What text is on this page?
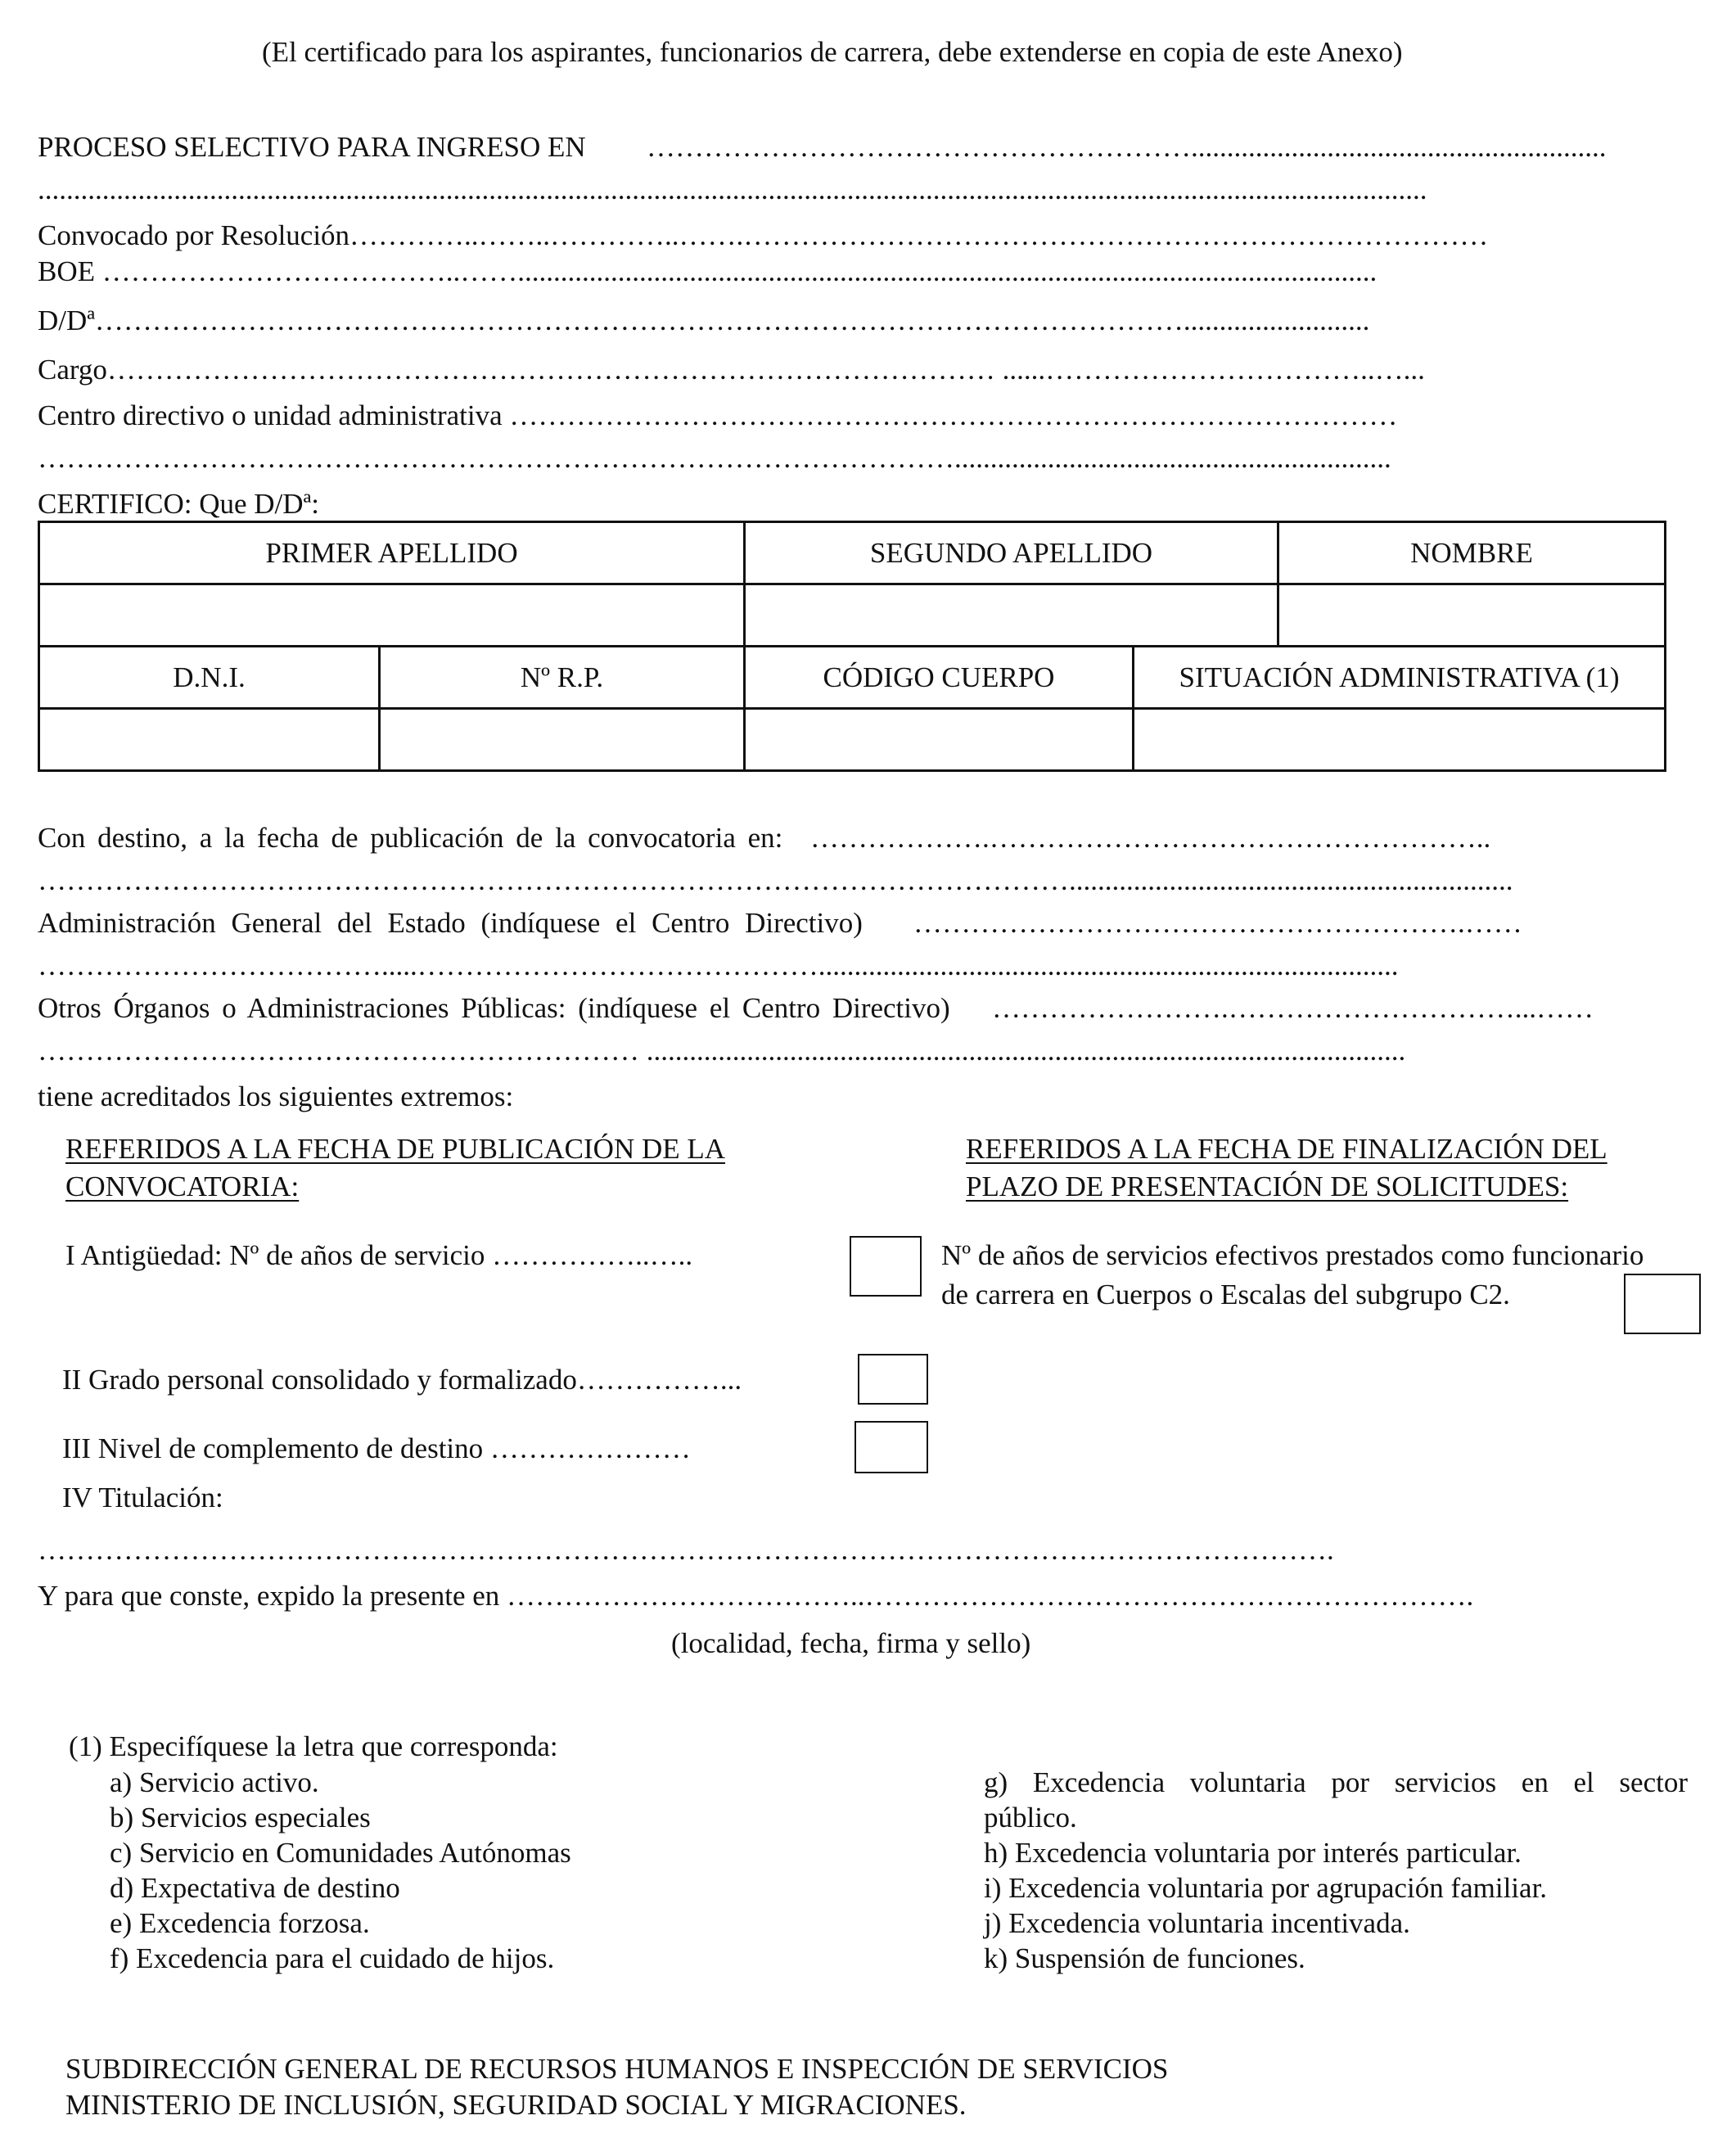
(El certificado para los aspirantes, funcionarios de carrera, debe extenderse en copia de este Anexo)
PROCESO SELECTIVO PARA INGRESO EN …………………………………………………..........................................................
..................................................................................................................................................................................................
Convocado por Resolución…………..……..…………..…….……………………………………………………………………
BOE ………………………………..……........................................................................................................................
D/Dª……………………………………………………………………………………………………..........................
Cargo………………………………………………………………………………… ......……………………………..…...
Centro directivo o unidad administrativa …………………………………………………………………………………
…………………………………………………………………………………….............................................................
CERTIFICO: Que D/Dª:
PRIMER APELLIDO	SEGUNDO APELLIDO	NOMBRE

D.N.I.	Nº R.P.	CÓDIGO CUERPO	SITUACIÓN ADMINISTRATIVA (1)

Con destino, a la fecha de publicación de la convocatoria en: ……………….……………………………………………..
………………………………………………………………………………………………..............................................................
Administración General del Estado (indíquese el Centro Directivo) ………………………………………………….……
……………………………….....…………………………………….................................................................................
Otros Órganos o Administraciones Públicas: (indíquese el Centro Directivo) …………………….…………………………...……
……………………………………………………… ..........................................................................................................
tiene acreditados los siguientes extremos:
REFERIDOS A LA FECHA DE PUBLICACIÓN DE LA
CONVOCATORIA:
REFERIDOS A LA FECHA DE FINALIZACIÓN DEL
PLAZO DE PRESENTACIÓN DE SOLICITUDES:
I Antigüedad: Nº de años de servicio ……………..…..	Nº de años de servicios efectivos prestados como funcionario
de carrera en Cuerpos o Escalas del subgrupo C2.
II Grado personal consolidado y formalizado……………...
III Nivel de complemento de destino …………………
IV Titulación:
……………………………………………………………………………………………………………………….
Y para que conste, expido la presente en ………………………………..……………………………………………………….
(localidad, fecha, firma y sello)
(1) Especifíquese la letra que corresponda:
a) Servicio activo.
b) Servicios especiales
c) Servicio en Comunidades Autónomas
d) Expectativa de destino
e) Excedencia forzosa.
f) Excedencia para el cuidado de hijos.
g) Excedencia voluntaria por servicios en el sector
público.
h) Excedencia voluntaria por interés particular.
i) Excedencia voluntaria por agrupación familiar.
j) Excedencia voluntaria incentivada.
k) Suspensión de funciones.
SUBDIRECCIÓN GENERAL DE RECURSOS HUMANOS E INSPECCIÓN DE SERVICIOS
MINISTERIO DE INCLUSIÓN, SEGURIDAD SOCIAL Y MIGRACIONES.
